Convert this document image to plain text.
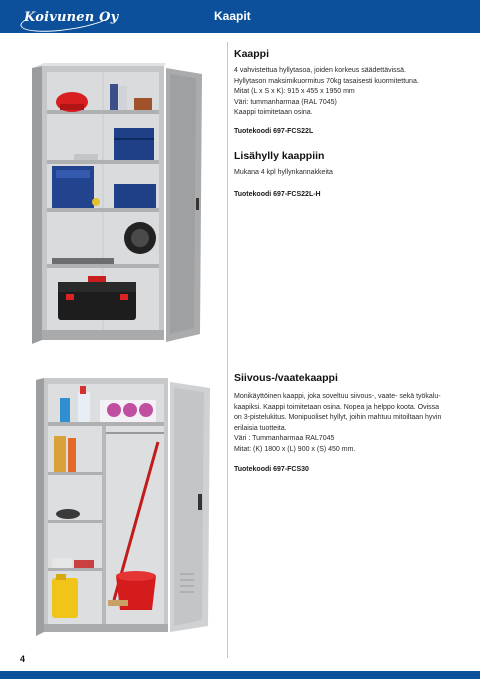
Koivunen Oy	Kaapit
Kaappi

4 vahvistettua hyllytasoa, joiden korkeus säädettävissä.

Hyllytason maksimikuormitus 70kg tasaisesti kuormitettuna.

Mitat (L x S x K): 915 x 455 x 1950 mm

Väri: tummanharmaa (RAL 7045)

Kaappi toimitetaan osina.

Tuotekoodi 697-FCS22L
Lisähylly kaappiin

Mukana 4 kpl hyllynkannakkeita

Tuotekoodi 697-FCS22L-H
Siivous-/vaatekaappi

Monikäyttöinen kaappi, joka soveltuu siivous-, vaate- sekä työkalu-

kaapiksi. Kaappi toimitetaan osina. Nopea ja helppo koota. Ovissa

on 3-pistelukitus. Monipuoliset hyllyt, joihin mahtuu mitoiltaan hyvin

erilaisia tuotteita.

Väri : Tummanharmaa RAL7045

Mitat: (K) 1800 x (L) 900 x (S) 450 mm.

Tuotekoodi 697-FCS30
4
